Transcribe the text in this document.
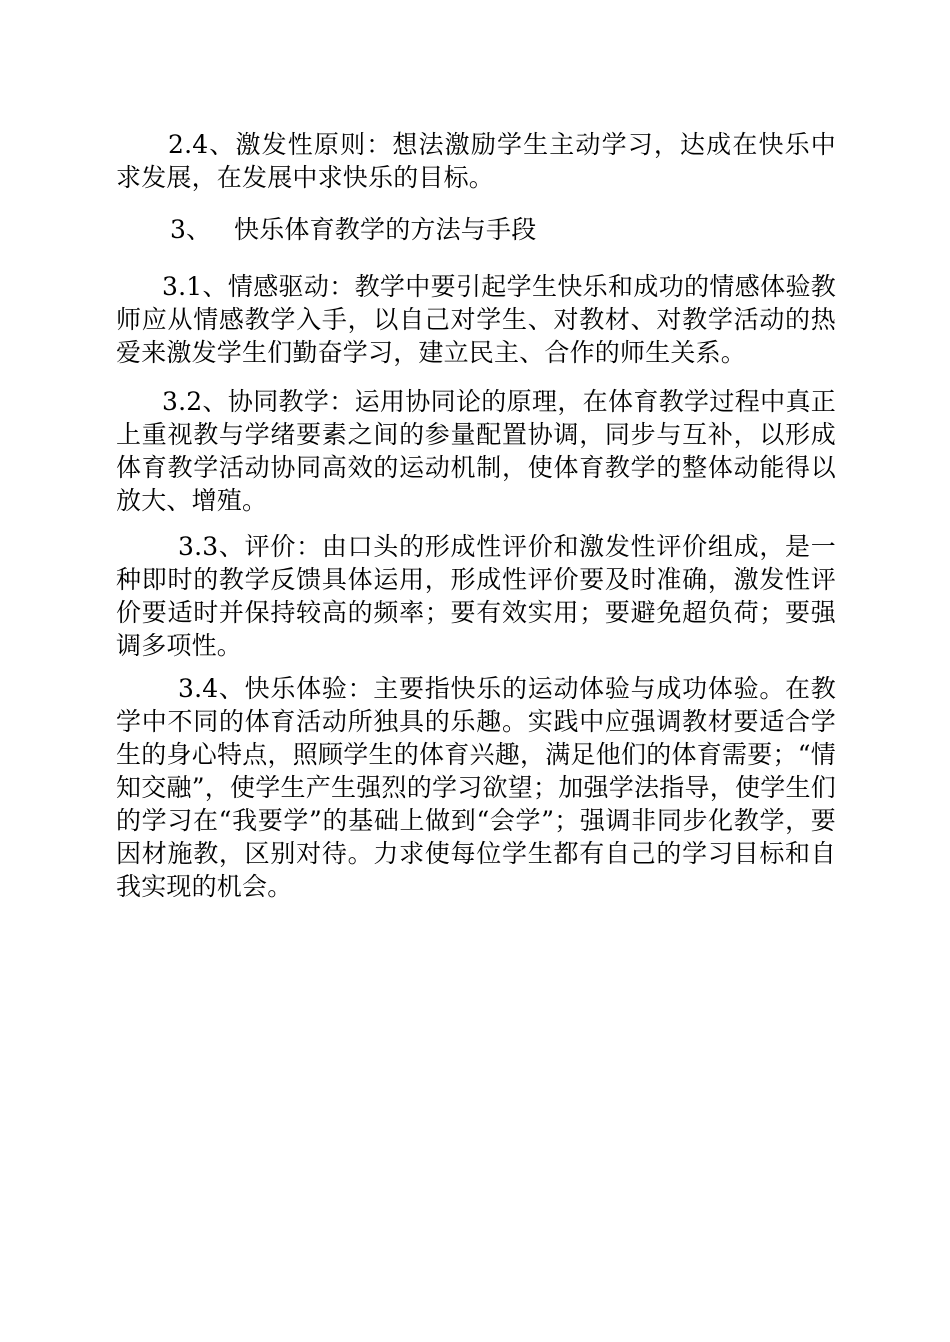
2.4、激发性原则：想法激励学生主动学习，达成在快乐中求发展，在发展中求快乐的目标。

3、 快乐体育教学的方法与手段

3.1、情感驱动：教学中要引起学生快乐和成功的情感体验教师应从情感教学入手，以自己对学生、对教材、对教学活动的热爱来激发学生们勤奋学习，建立民主、合作的师生关系。

3.2、协同教学：运用协同论的原理，在体育教学过程中真正上重视教与学绪要素之间的参量配置协调，同步与互补，以形成体育教学活动协同高效的运动机制，使体育教学的整体动能得以放大、增殖。

3.3、评价：由口头的形成性评价和激发性评价组成，是一种即时的教学反馈具体运用，形成性评价要及时准确，激发性评价要适时并保持较高的频率；要有效实用；要避免超负荷；要强调多项性。

3.4、快乐体验：主要指快乐的运动体验与成功体验。在教学中不同的体育活动所独具的乐趣。实践中应强调教材要适合学生的身心特点，照顾学生的体育兴趣，满足他们的体育需要；“情知交融”，使学生产生强烈的学习欲望；加强学法指导，使学生们的学习在“我要学”的基础上做到“会学”；强调非同步化教学，要因材施教，区别对待。力求使每位学生都有自己的学习目标和自我实现的机会。
